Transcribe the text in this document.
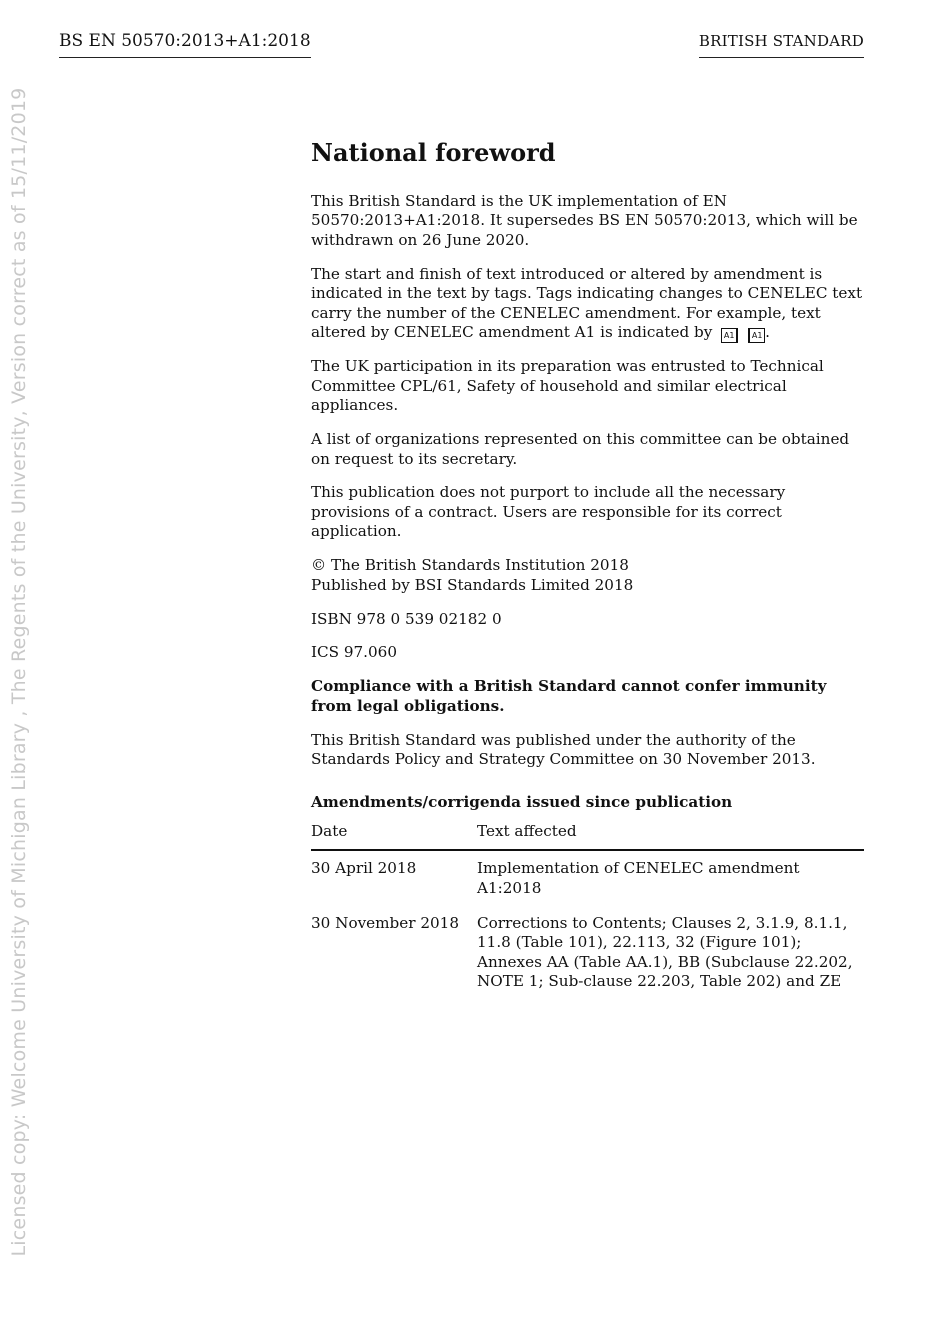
BS EN 50570:2013+A1:2018	BRITISH STANDARD
Licensed copy: Welcome University of Michigan Library , The Regents of the University, Version correct as of 15/11/2019	National foreword

This British Standard is the UK implementation of EN 50570:2013+A1:2018. It supersedes BS EN 50570:2013, which will be withdrawn on 26 June 2020.

The start and finish of text introduced or altered by amendment is indicated in the text by tags. Tags indicating changes to CENELEC text carry the number of the CENELEC amendment. For example, text altered by CENELEC amendment A1 is indicated by A1 A1 .

The UK participation in its preparation was entrusted to Technical Committee CPL/61, Safety of household and similar electrical appliances.

A list of organizations represented on this committee can be obtained on request to its secretary.

This publication does not purport to include all the necessary provisions of a contract. Users are responsible for its correct application.

© The British Standards Institution 2018
Published by BSI Standards Limited 2018

ISBN 978 0 539 02182 0

ICS 97.060

Compliance with a British Standard cannot confer immunity from legal obligations.

This British Standard was published under the authority of the Standards Policy and Strategy Committee on 30 November 2013.

Amendments/corrigenda issued since publication
Date	Text affected
30 April 2018	Implementation of CENELEC amendment A1:2018
30 November 2018	Corrections to Contents; Clauses 2, 3.1.9, 8.1.1, 11.8 (Table 101), 22.113, 32 (Figure 101); Annexes AA (Table AA.1), BB (Subclause 22.202, NOTE 1; Sub-clause 22.203, Table 202) and ZE
